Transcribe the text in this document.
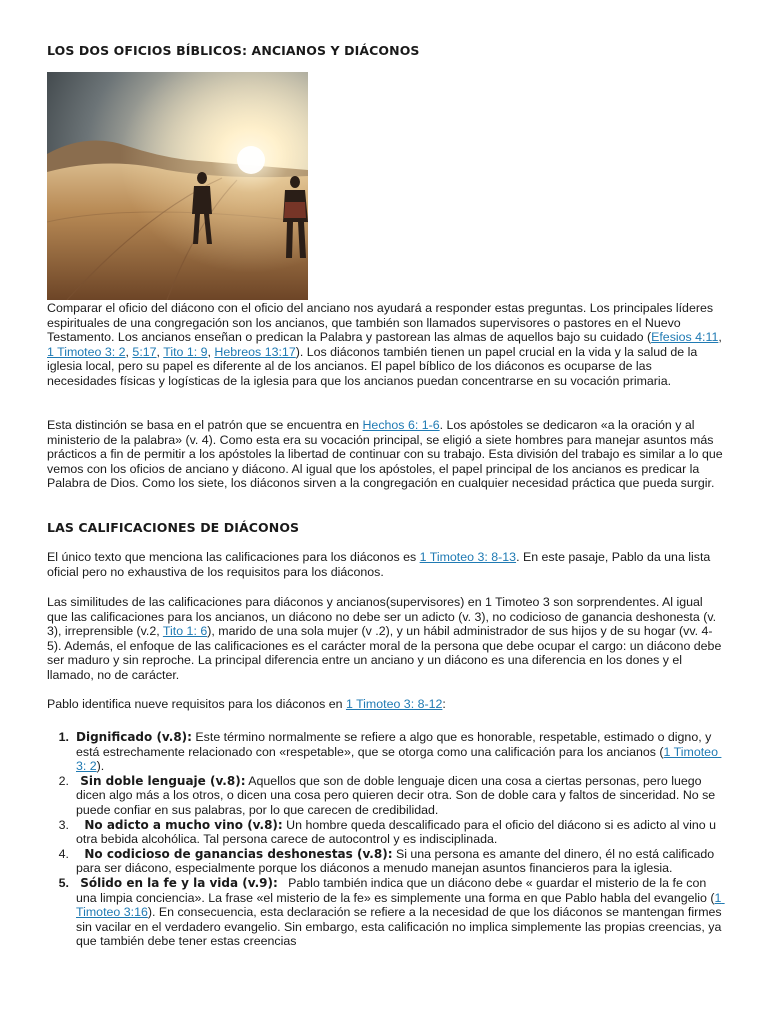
LOS DOS OFICIOS BÍBLICOS: ANCIANOS Y DIÁCONOS

Comparar el oficio del diácono con el oficio del anciano nos ayudará a responder estas preguntas. Los principales líderes espirituales de una congregación son los ancianos, que también son llamados supervisores o pastores en el Nuevo Testamento. Los ancianos enseñan o predican la Palabra y pastorean las almas de aquellos bajo su cuidado (Efesios 4:11, 1 Timoteo 3: 2, 5:17, Tito 1: 9, Hebreos 13:17). Los diáconos también tienen un papel crucial en la vida y la salud de la iglesia local, pero su papel es diferente al de los ancianos. El papel bíblico de los diáconos es ocuparse de las necesidades físicas y logísticas de la iglesia para que los ancianos puedan concentrarse en su vocación primaria.

Esta distinción se basa en el patrón que se encuentra en Hechos 6: 1-6. Los apóstoles se dedicaron «a la oración y al ministerio de la palabra» (v. 4). Como esta era su vocación principal, se eligió a siete hombres para manejar asuntos más prácticos a fin de permitir a los apóstoles la libertad de continuar con su trabajo. Esta división del trabajo es similar a lo que vemos con los oficios de anciano y diácono. Al igual que los apóstoles, el papel principal de los ancianos es predicar la Palabra de Dios. Como los siete, los diáconos sirven a la congregación en cualquier necesidad práctica que pueda surgir.

LAS CALIFICACIONES DE DIÁCONOS

El único texto que menciona las calificaciones para los diáconos es 1 Timoteo 3: 8-13. En este pasaje, Pablo da una lista oficial pero no exhaustiva de los requisitos para los diáconos.

Las similitudes de las calificaciones para diáconos y ancianos(supervisores) en 1 Timoteo 3 son sorprendentes. Al igual que las calificaciones para los ancianos, un diácono no debe ser un adicto (v. 3), no codicioso de ganancia deshonesta (v. 3), irreprensible (v.2, Tito 1: 6), marido de una sola mujer (v .2), y un hábil administrador de sus hijos y de su hogar (vv. 4-5). Además, el enfoque de las calificaciones es el carácter moral de la persona que debe ocupar el cargo: un diácono debe ser maduro y sin reproche. La principal diferencia entre un anciano y un diácono es una diferencia en los dones y el llamado, no de carácter.

Pablo identifica nueve requisitos para los diáconos en 1 Timoteo 3: 8-12:

1. Dignificado (v.8): Este término normalmente se refiere a algo que es honorable, respetable, estimado o digno, y está estrechamente relacionado con «respetable», que se otorga como una calificación para los ancianos (1 Timoteo 3: 2).
2. Sin doble lenguaje (v.8): Aquellos que son de doble lenguaje dicen una cosa a ciertas personas, pero luego dicen algo más a los otros, o dicen una cosa pero quieren decir otra. Son de doble cara y faltos de sinceridad. No se puede confiar en sus palabras, por lo que carecen de credibilidad.
3. No adicto a mucho vino (v.8): Un hombre queda descalificado para el oficio del diácono si es adicto al vino u otra bebida alcohólica. Tal persona carece de autocontrol y es indisciplinada.
4. No codicioso de ganancias deshonestas (v.8): Si una persona es amante del dinero, él no está calificado para ser diácono, especialmente porque los diáconos a menudo manejan asuntos financieros para la iglesia.
5. Sólido en la fe y la vida (v.9):   Pablo también indica que un diácono debe « guardar el misterio de la fe con una limpia conciencia». La frase «el misterio de la fe» es simplemente una forma en que Pablo habla del evangelio (1 Timoteo 3:16). En consecuencia, esta declaración se refiere a la necesidad de que los diáconos se mantengan firmes sin vacilar en el verdadero evangelio. Sin embargo, esta calificación no implica simplemente las propias creencias, ya que también debe tener estas creencias
